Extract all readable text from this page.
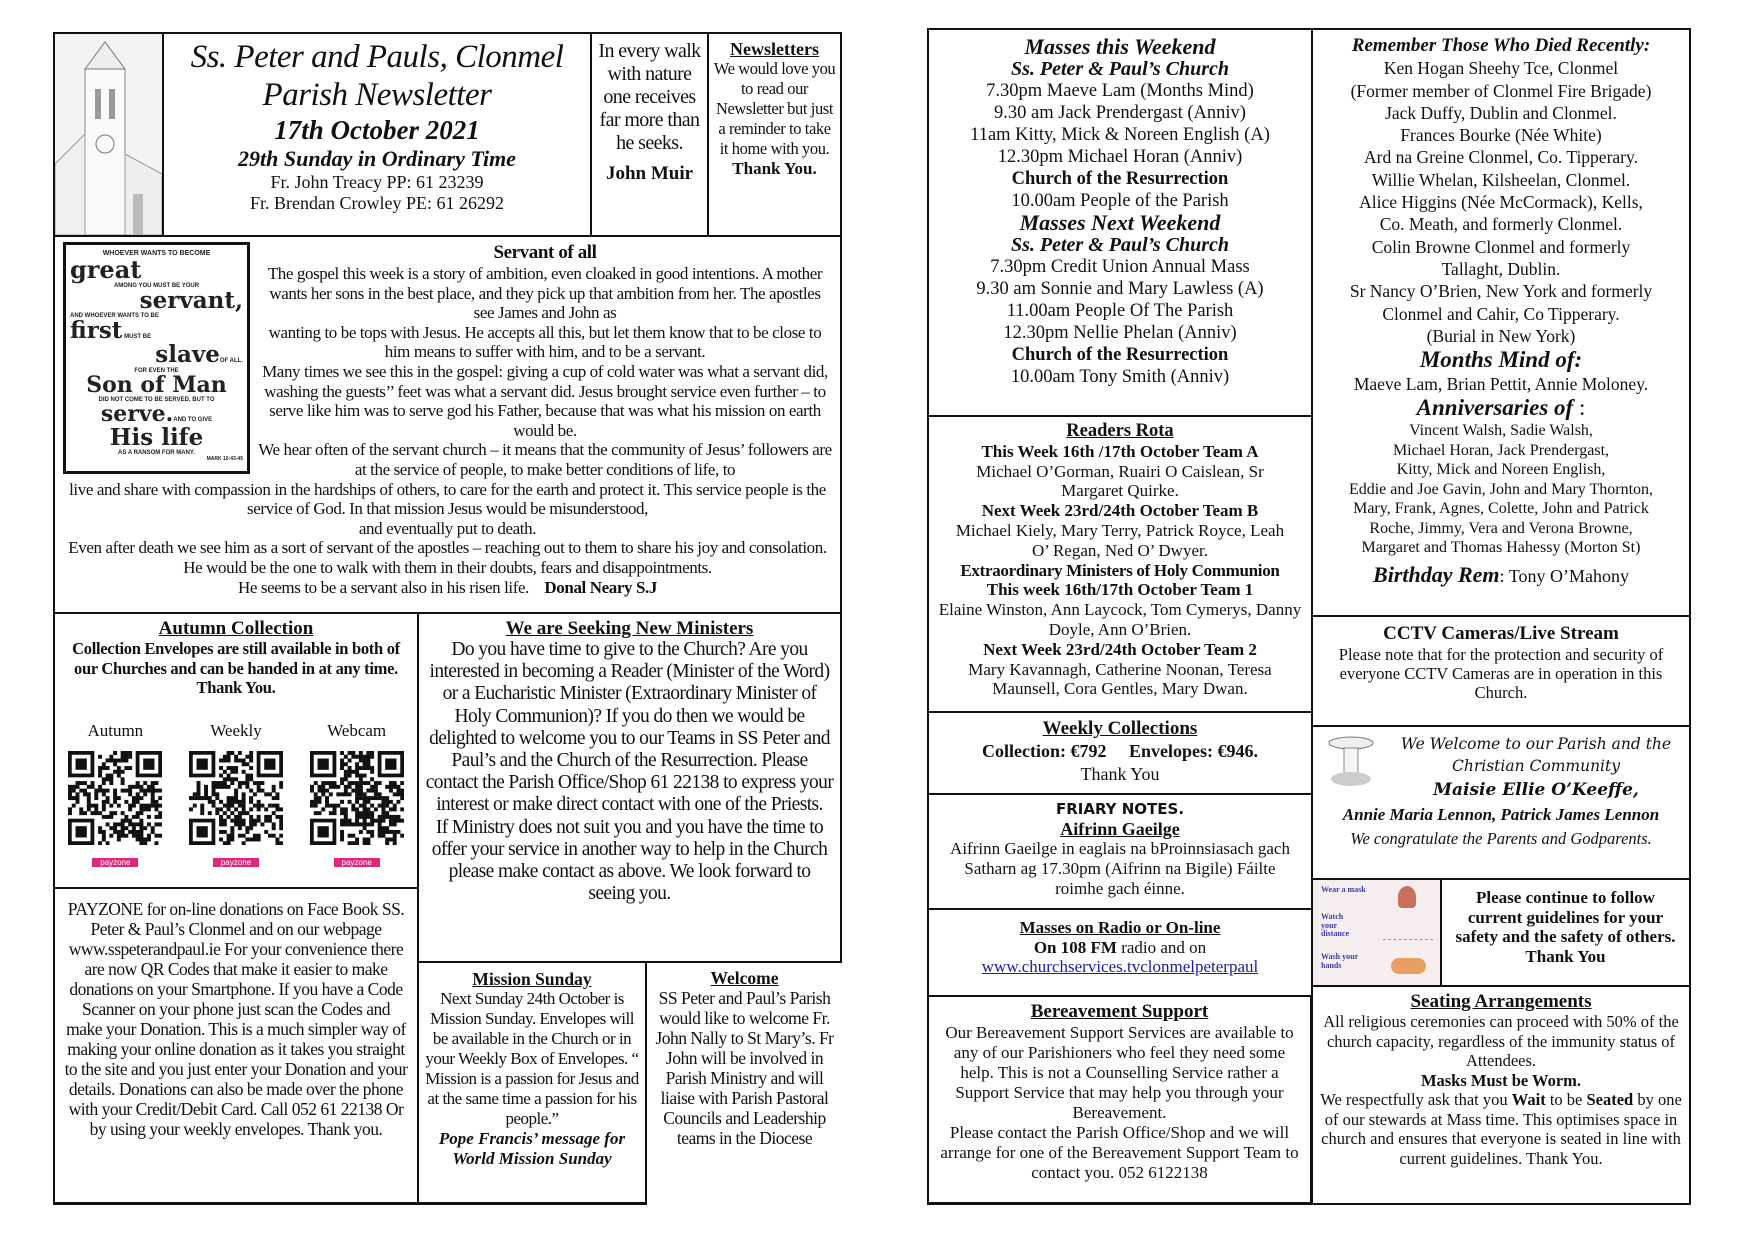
Ss. Peter and Pauls, Clonmel
Parish Newsletter
17th October 2021
29th Sunday in Ordinary Time
Fr. John Treacy PP: 61 23239
Fr. Brendan Crowley PE: 61 26292
In every walk with nature one receives far more than he seeks.
John Muir
Newsletters
We would love you to read our Newsletter but just a reminder to take it home with you.
Thank You.
WHOEVER WANTS TO BECOME
great
AMONG YOU MUST BE YOUR
servant,
AND WHOEVER WANTS TO BE
first MUST BE
slaveOF ALL.
FOR EVEN THE
Son of Man
DID NOT COME TO BE SERVED, BUT TO
serve.AND TO GIVE
His life
AS A RANSOM FOR MANY.
MARK 10:43-45
Servant of all
The gospel this week is a story of ambition, even cloaked in good intentions. A mother wants her sons in the best place, and they pick up that ambition from her. The apostles see James and John as
wanting to be tops with Jesus. He accepts all this, but let them know that to be close to him means to suffer with him, and to be a servant.
Many times we see this in the gospel: giving a cup of cold water was what a servant did, washing the guests’’ feet was what a servant did. Jesus brought service even further – to serve like him was to serve god his Father, because that was what his mission on earth would be.
We hear often of the servant church – it means that the community of Jesus’ followers are at the service of people, to make better conditions of life, to
live and share with compassion in the hardships of others, to care for the earth and protect it. This service people is the service of God. In that mission Jesus would be misunderstood,
and eventually put to death.
Even after death we see him as a sort of servant of the apostles – reaching out to them to share his joy and consolation. He would be the one to walk with them in their doubts, fears and disappointments.
He seems to be a servant also in his risen life. Donal Neary S.J
Autumn Collection
Collection Envelopes are still available in both of our Churches and can be handed in at any time. Thank You.
Autumn
payzone
Weekly
payzone
Webcam
payzone
PAYZONE for on-line donations on Face Book SS. Peter & Paul’s Clonmel and on our webpage www.sspeterandpaul.ie For your convenience there are now QR Codes that make it easier to make donations on your Smartphone. If you have a Code Scanner on your phone just scan the Codes and make your Donation. This is a much simpler way of making your online donation as it takes you straight to the site and you just enter your Donation and your details. Donations can also be made over the phone with your Credit/Debit Card. Call 052 61 22138 Or by using your weekly envelopes. Thank you.
We are Seeking New Ministers
Do you have time to give to the Church? Are you interested in becoming a Reader (Minister of the Word) or a Eucharistic Minister (Extraordinary Minister of Holy Communion)? If you do then we would be delighted to welcome you to our Teams in SS Peter and Paul’s and the Church of the Resurrection. Please contact the Parish Office/Shop 61 22138 to express your interest or make direct contact with one of the Priests.
If Ministry does not suit you and you have the time to offer your service in another way to help in the Church please make contact as above. We look forward to seeing you.
Mission Sunday
Next Sunday 24th October is Mission Sunday. Envelopes will be available in the Church or in your Weekly Box of Envelopes. “ Mission is a passion for Jesus and at the same time a passion for his people.”
Pope Francis’ message for World Mission Sunday
Welcome
SS Peter and Paul’s Parish would like to welcome Fr. John Nally to St Mary’s. Fr John will be involved in Parish Ministry and will liaise with Parish Pastoral Councils and Leadership teams in the Diocese
Masses this Weekend
Ss. Peter & Paul’s Church
7.30pm Maeve Lam (Months Mind)
9.30 am Jack Prendergast (Anniv)
11am Kitty, Mick & Noreen English (A)
12.30pm Michael Horan (Anniv)
Church of the Resurrection
10.00am People of the Parish
Masses Next Weekend
Ss. Peter & Paul’s Church
7.30pm Credit Union Annual Mass
9.30 am Sonnie and Mary Lawless (A)
11.00am People Of The Parish
12.30pm Nellie Phelan (Anniv)
Church of the Resurrection
10.00am Tony Smith (Anniv)
Readers Rota
This Week 16th /17th October Team A
Michael O’Gorman, Ruairi O Caislean, Sr Margaret Quirke.
Next Week 23rd/24th October Team B
Michael Kiely, Mary Terry, Patrick Royce, Leah O’ Regan, Ned O’ Dwyer.
Extraordinary Ministers of Holy Communion
This week 16th/17th October Team 1
Elaine Winston, Ann Laycock, Tom Cymerys, Danny Doyle, Ann O’Brien.
Next Week 23rd/24th October Team 2
Mary Kavannagh, Catherine Noonan, Teresa Maunsell, Cora Gentles, Mary Dwan.
Weekly Collections
Collection: €792     Envelopes: €946.
Thank You
FRIARY NOTES.
Aifrinn Gaeilge
Aifrinn Gaeilge in eaglais na bProinnsiasach gach Satharn ag 17.30pm (Aifrinn na Bigile) Fáilte roimhe gach éinne.
Masses on Radio or On-line
On 108 FM radio and on
www.churchservices.tvclonmelpeterpaul
Bereavement Support
Our Bereavement Support Services are available to any of our Parishioners who feel they need some help. This is not a Counselling Service rather a Support Service that may help you through your Bereavement.
Please contact the Parish Office/Shop and we will arrange for one of the Bereavement Support Team to contact you. 052 6122138
Remember Those Who Died Recently:
Ken Hogan Sheehy Tce, Clonmel
(Former member of Clonmel Fire Brigade)
Jack Duffy, Dublin and Clonmel.
Frances Bourke (Née White)
Ard na Greine Clonmel, Co. Tipperary.
Willie Whelan, Kilsheelan, Clonmel.
Alice Higgins (Née McCormack), Kells,
Co. Meath, and formerly Clonmel.
Colin Browne Clonmel and formerly
Tallaght, Dublin.
Sr Nancy O’Brien, New York and formerly
Clonmel and Cahir, Co Tipperary.
(Burial in New York)
Months Mind of:
Maeve Lam, Brian Pettit, Annie Moloney.
Anniversaries of :
Vincent Walsh, Sadie Walsh,
Michael Horan, Jack Prendergast,
Kitty, Mick and Noreen English,
Eddie and Joe Gavin, John and Mary Thornton,
Mary, Frank, Agnes, Colette, John and Patrick
Roche, Jimmy, Vera and Verona Browne,
Margaret and Thomas Hahessy (Morton St)
Birthday Rem: Tony O’Mahony
CCTV Cameras/Live Stream
Please note that for the protection and security of everyone CCTV Cameras are in operation in this Church.
We Welcome to our Parish and the
Christian Community
Maisie Ellie O’Keeffe,
Annie Maria Lennon, Patrick James Lennon
We congratulate the Parents and Godparents.
Wear a mask
Watch your distance
Wash your hands
Please continue to follow current guidelines for your safety and the safety of others. Thank You
Seating Arrangements
All religious ceremonies can proceed with 50% of the church capacity, regardless of the immunity status of Attendees.
Masks Must be Worm.
We respectfully ask that you Wait to be Seated by one of our stewards at Mass time. This optimises space in church and ensures that everyone is seated in line with current guidelines. Thank You.
